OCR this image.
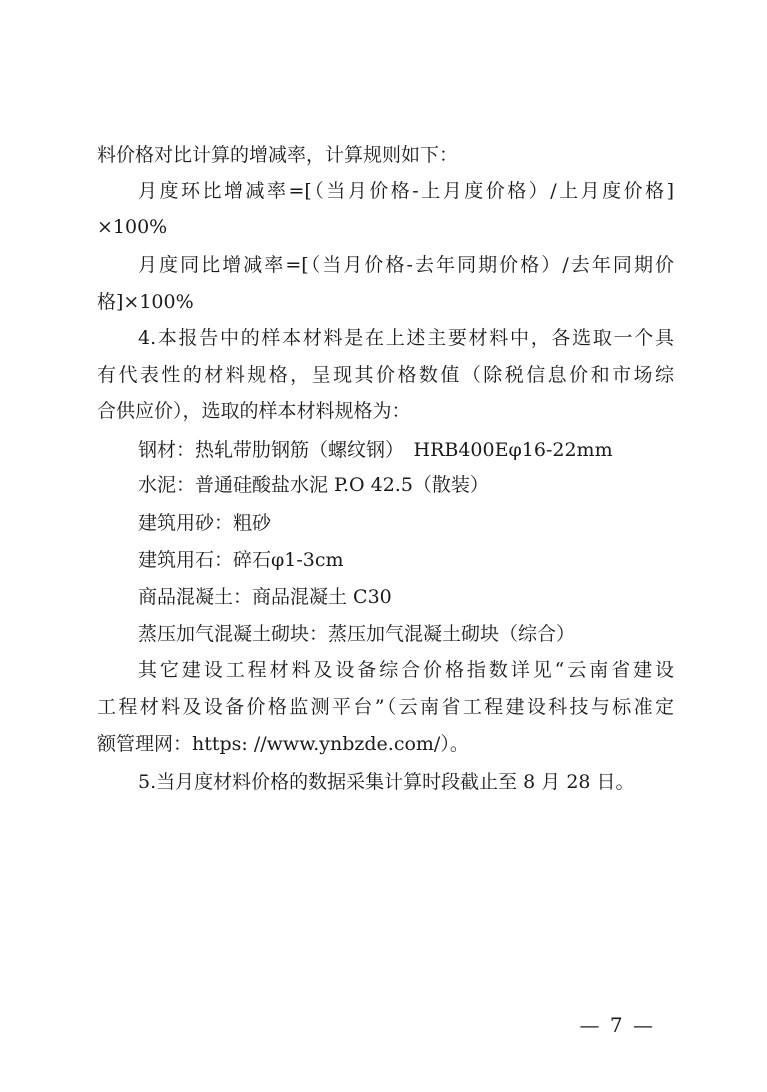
料价格对比计算的增减率，计算规则如下：
月度环比增减率=[（当月价格-上月度价格）/上月度价格]
×100%
月度同比增减率=[（当月价格-去年同期价格）/去年同期价
格]×100%
4.本报告中的样本材料是在上述主要材料中，各选取一个具
有代表性的材料规格，呈现其价格数值（除税信息价和市场综
合供应价），选取的样本材料规格为：
钢材：热轧带肋钢筋（螺纹钢）　HRB400Eφ16-22mm
水泥：普通硅酸盐水泥 P.O 42.5（散装）
建筑用砂：粗砂
建筑用石：碎石φ1-3cm
商品混凝土：商品混凝土 C30
蒸压加气混凝土砌块：蒸压加气混凝土砌块（综合）
其它建设工程材料及设备综合价格指数详见“云南省建设
工程材料及设备价格监测平台”（云南省工程建设科技与标准定
额管理网：https: //www.ynbzde.com/）。
5.当月度材料价格的数据采集计算时段截止至 8 月 28 日。
— 7 —
